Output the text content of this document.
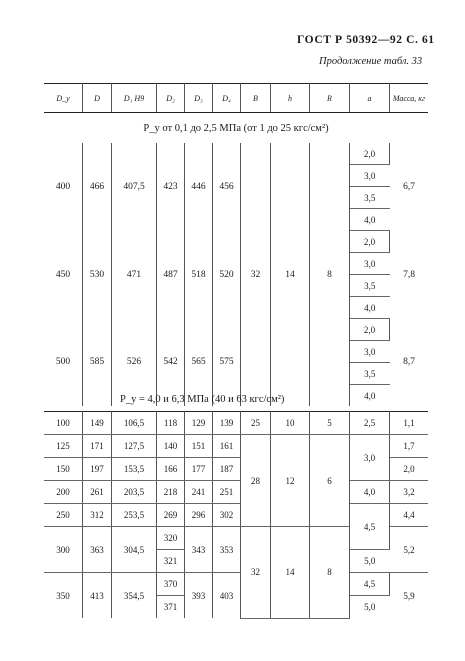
ГОСТ Р 50392—92 С. 61
Продолжение табл. 33
D_y	D	D₁ H9	D₂	D₃	D₄	B	h	R	a	Масса, кг
P_y от 0,1 до 2,5 МПа (от 1 до 25 кгс/см²)										
400	466	407,5	423	446	456	32	14	8	2,0	6,7
									3,0	
									3,5	
									4,0	
450	530	471	487	518	520				2,0	7,8
									3,0	
									3,5	
									4,0	
500	585	526	542	565	575				2,0	8,7
									3,0	
									3,5	
									4,0	
P_y = 4,0 и 6,3 МПа (40 и 63 кгс/см²)
100	149	106,5	118	129	139	25	10	5	2,5	1,1
125	171	127,5	140	151	161	28	12	6	3,0	1,7
150	197	153,5	166	177	187					2,0
200	261	203,5	218	241	251				4,0	3,2
250	312	253,5	269	296	302				4,5	4,4
300	363	304,5	320	343	353	32	14	8		5,2
			321						5,0	
350	413	354,5	370	393	403				4,5	5,9
			371						5,0	
